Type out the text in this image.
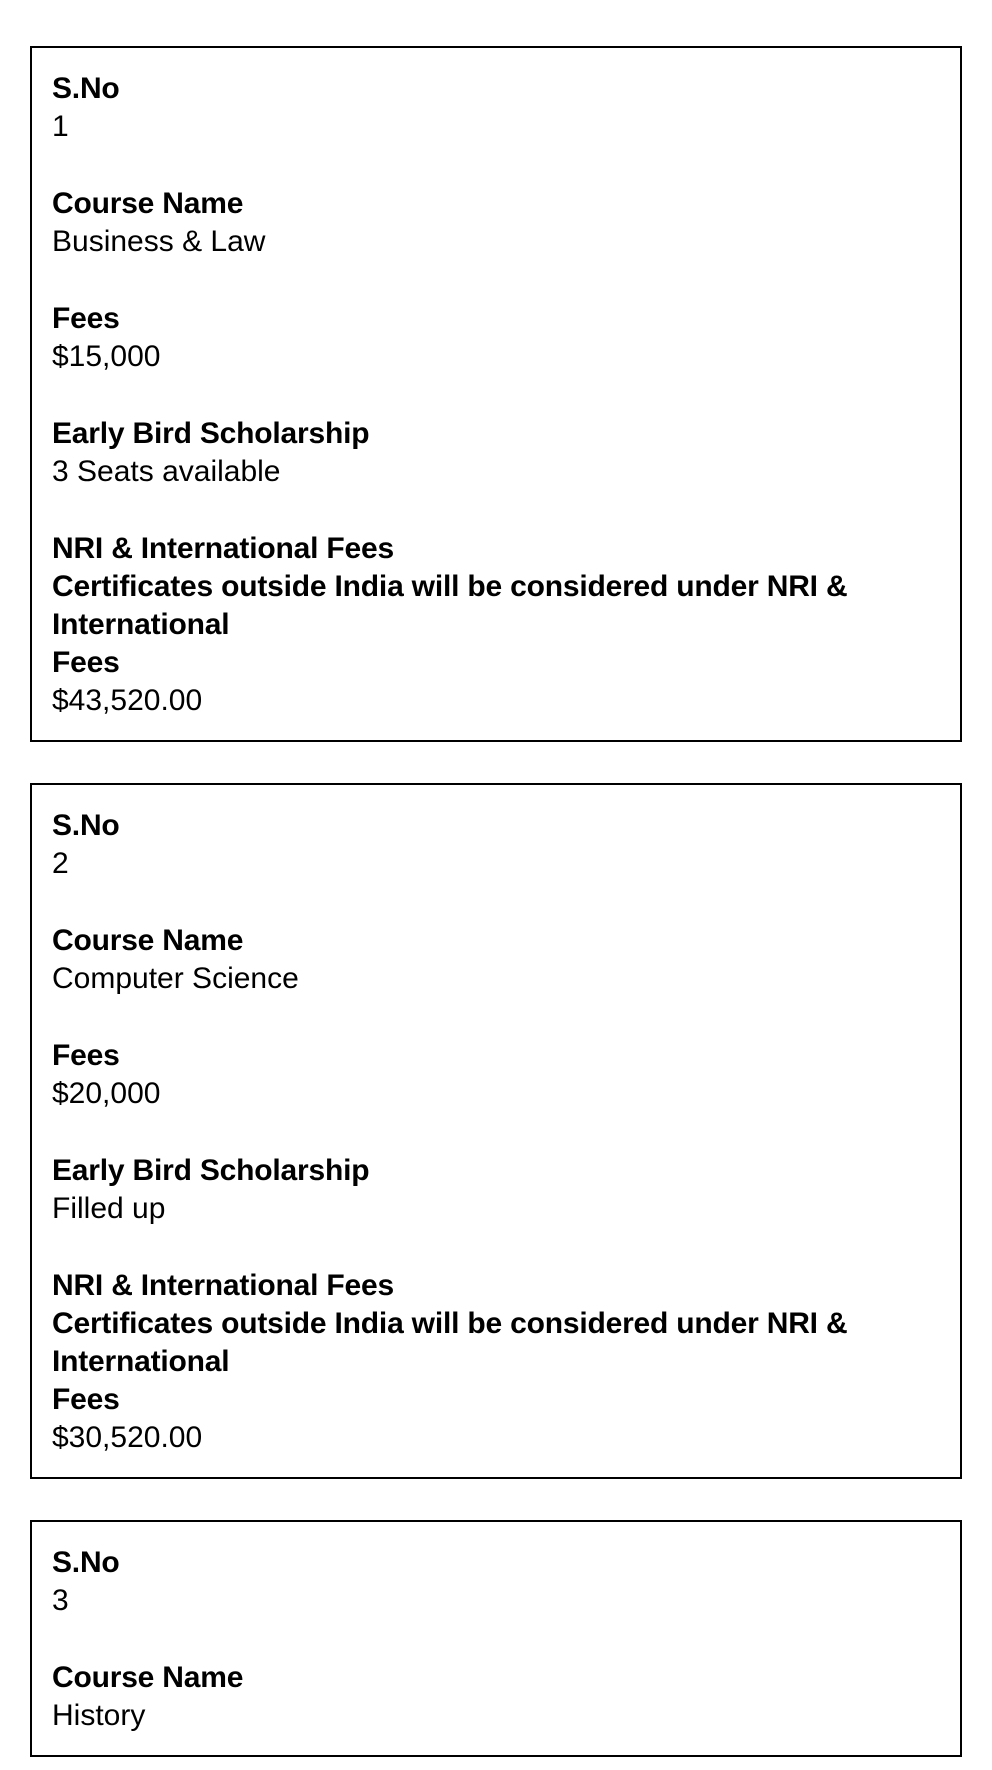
S.No
1
Course Name
Business & Law
Fees
$15,000
Early Bird Scholarship
3 Seats available
NRI & International Fees
Certificates outside India will be considered under NRI & International
Fees
$43,520.00
S.No
2
Course Name
Computer Science
Fees
$20,000
Early Bird Scholarship
Filled up
NRI & International Fees
Certificates outside India will be considered under NRI & International
Fees
$30,520.00
S.No
3
Course Name
History
